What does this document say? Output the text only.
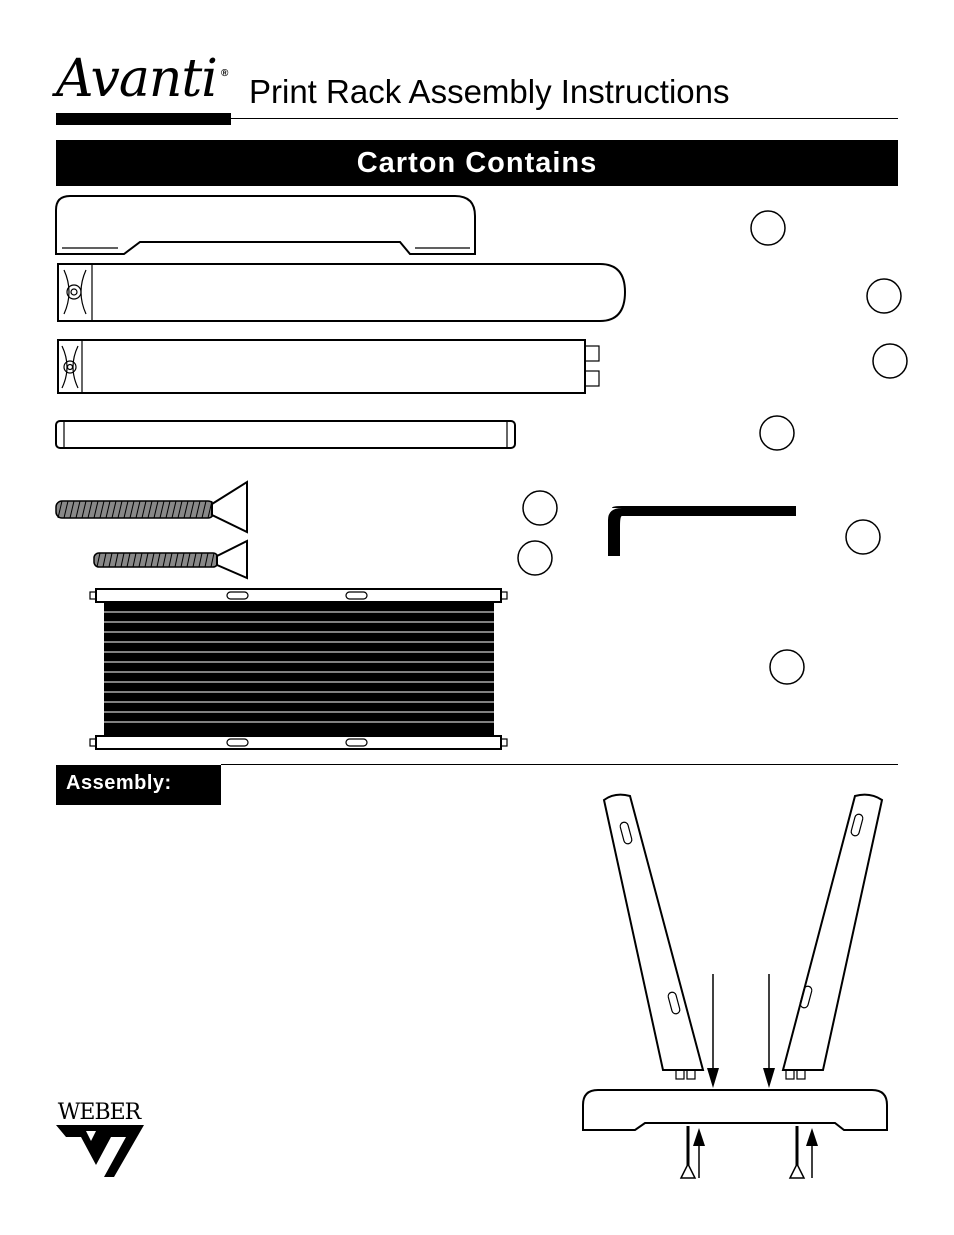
Avanti ® Print Rack Assembly Instructions
Carton Contains
Assembly:
WEBER
